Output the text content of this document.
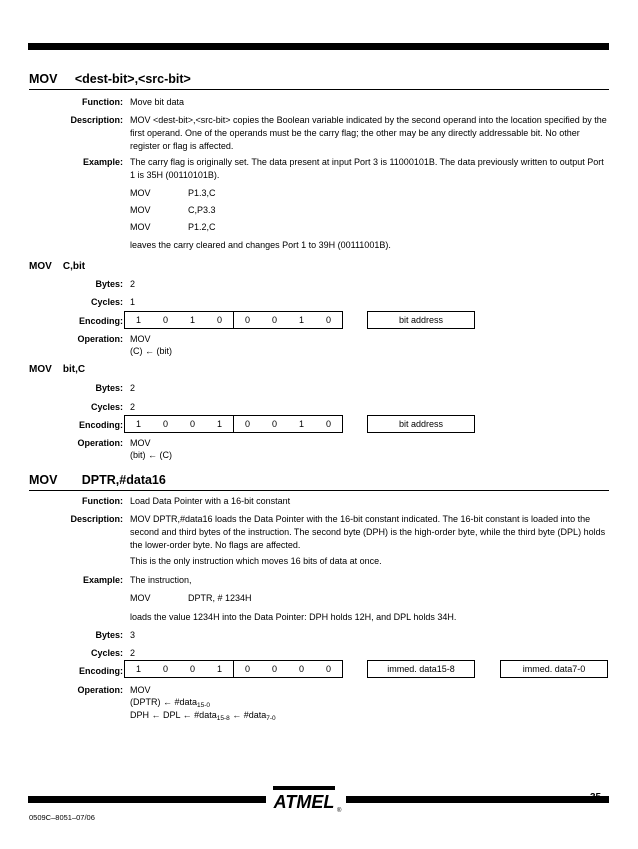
MOV     <dest-bit>,<src-bit>
Function: Move bit data
Description: MOV <dest-bit>,<src-bit> copies the Boolean variable indicated by the second operand into the location specified by the first operand. One of the operands must be the carry flag; the other may be any directly addressable bit. No other register or flag is affected.
Example: The carry flag is originally set. The data present at input Port 3 is 11000101B. The data previously written to output Port 1 is 35H (00110101B).
MOV	P1.3,C
MOV	C,P3.3
MOV	P1.2,C
leaves the carry cleared and changes Port 1 to 39H (00111001B).
MOV    C,bit
Bytes: 2
Cycles: 1
Encoding:	1	0	1	0	0	0	1	0	bit address
Operation: MOV
(C) ← (bit)
MOV    bit,C
Bytes: 2
Cycles: 2
Encoding:	1	0	0	1	0	0	1	0	bit address
Operation: MOV
(bit) ← (C)
MOV       DPTR,#data16
Function: Load Data Pointer with a 16-bit constant
Description: MOV DPTR,#data16 loads the Data Pointer with the 16-bit constant indicated. The 16-bit constant is loaded into the second and third bytes of the instruction. The second byte (DPH) is the high-order byte, while the third byte (DPL) holds the lower-order byte. No flags are affected.
This is the only instruction which moves 16 bits of data at once.
Example: The instruction,
MOV	DPTR, # 1234H
loads the value 1234H into the Data Pointer: DPH holds 12H, and DPL holds 34H.
Bytes: 3
Cycles: 2
Encoding:	1	0	0	1	0	0	0	0	immed. data15-8	immed. data7-0
Operation: MOV
(DPTR) ← #data$_{15-0}$
DPH ← DPL ← #data$_{15-8}$ ← #data$_{7-0}$
ATMEL ®
35
0509C–8051–07/06
